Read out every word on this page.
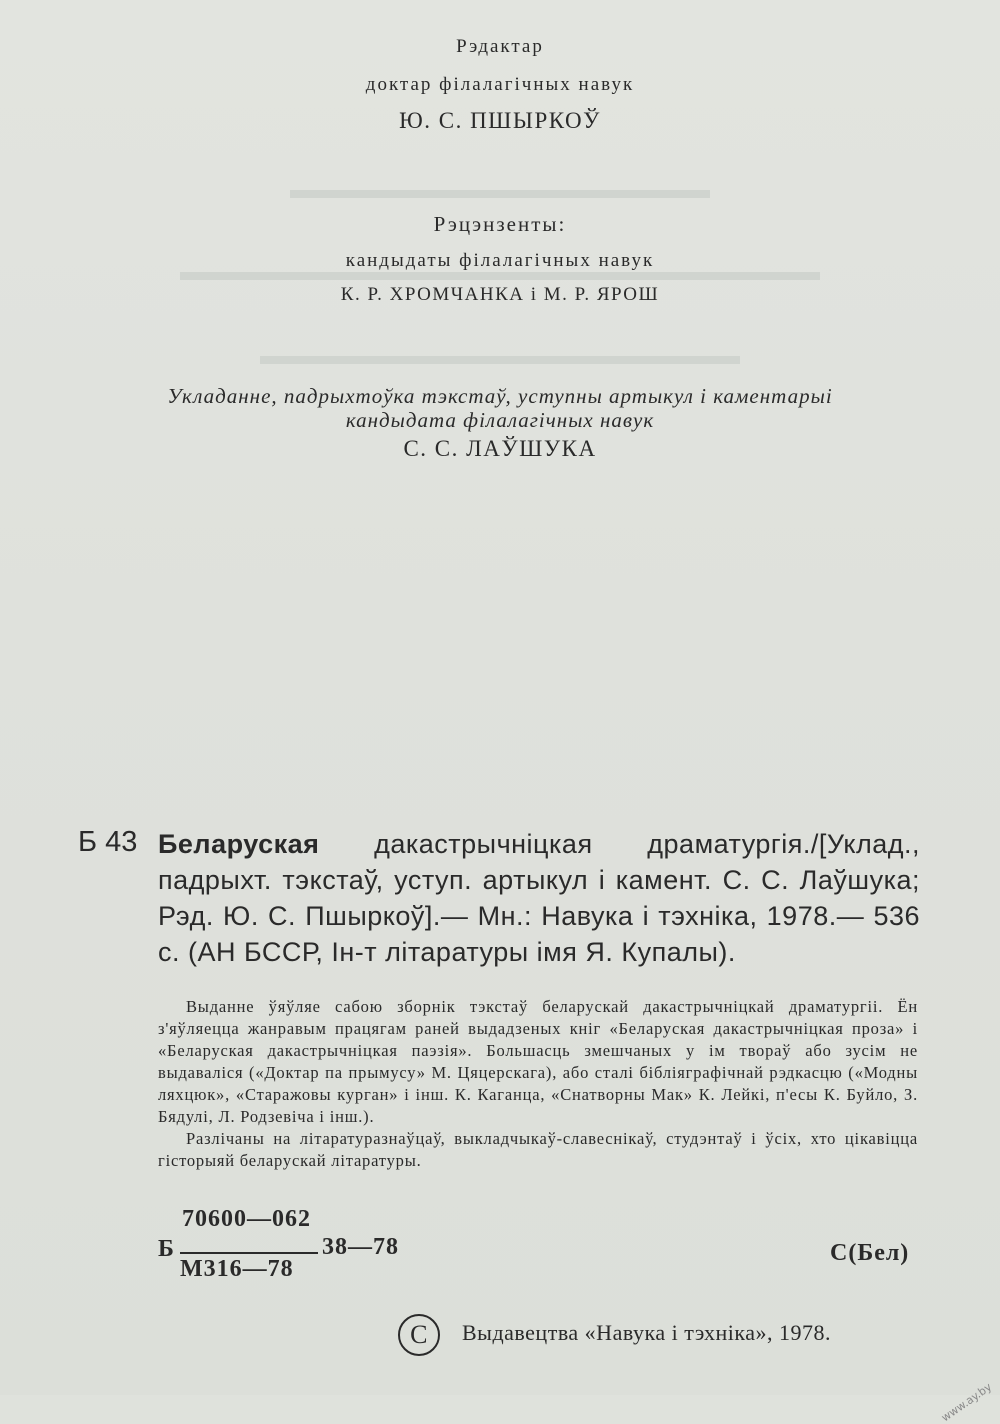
Рэдактар
доктар філалагічных навук
Ю. С. ПШЫРКОЎ
Рэцэнзенты:
кандыдаты філалагічных навук
К. Р. ХРОМЧАНКА і М. Р. ЯРОШ
Укладанне, падрыхтоўка тэкстаў, уступны артыкул і каментарыі
кандыдата філалагічных навук
С. С. ЛАЎШУКА
Б 43 Беларуская дакастрычніцкая драматургія./[Уклад., падрыхт. тэкстаў, уступ. артыкул і камент. С. С. Лаўшука; Рэд. Ю. С. Пшыркоў].— Мн.: Навука і тэхніка, 1978.— 536 с. (АН БССР, Ін-т літаратуры імя Я. Купалы).

Выданне ўяўляе сабою зборнік тэкстаў беларускай дакастрычніцкай драматургіі. Ён з'яўляецца жанравым працягам раней выдадзеных кніг «Беларуская дакастрычніцкая проза» і «Беларуская дакастрычніцкая паэзія». Большасць змешчаных у ім твораў або зусім не выдаваліся («Доктар па прымусу» М. Цяцерскага), або сталі бібліяграфічнай рэдкасцю («Модны ляхцюк», «Старажовы курган» і інш. К. Каганца, «Снатворны Мак» К. Лейкі, п'есы К. Буйло, З. Бядулі, Л. Родзевіча і інш.).

Разлічаны на літаратуразнаўцаў, выкладчыкаў-славеснікаў, студэнтаў і ўсіх, хто цікавіцца гісторыяй беларускай літаратуры.

70600—062
Б	38—78
М316—78
С(Бел)
C Выдавецтва «Навука і тэхніка», 1978.
www.ay.by
